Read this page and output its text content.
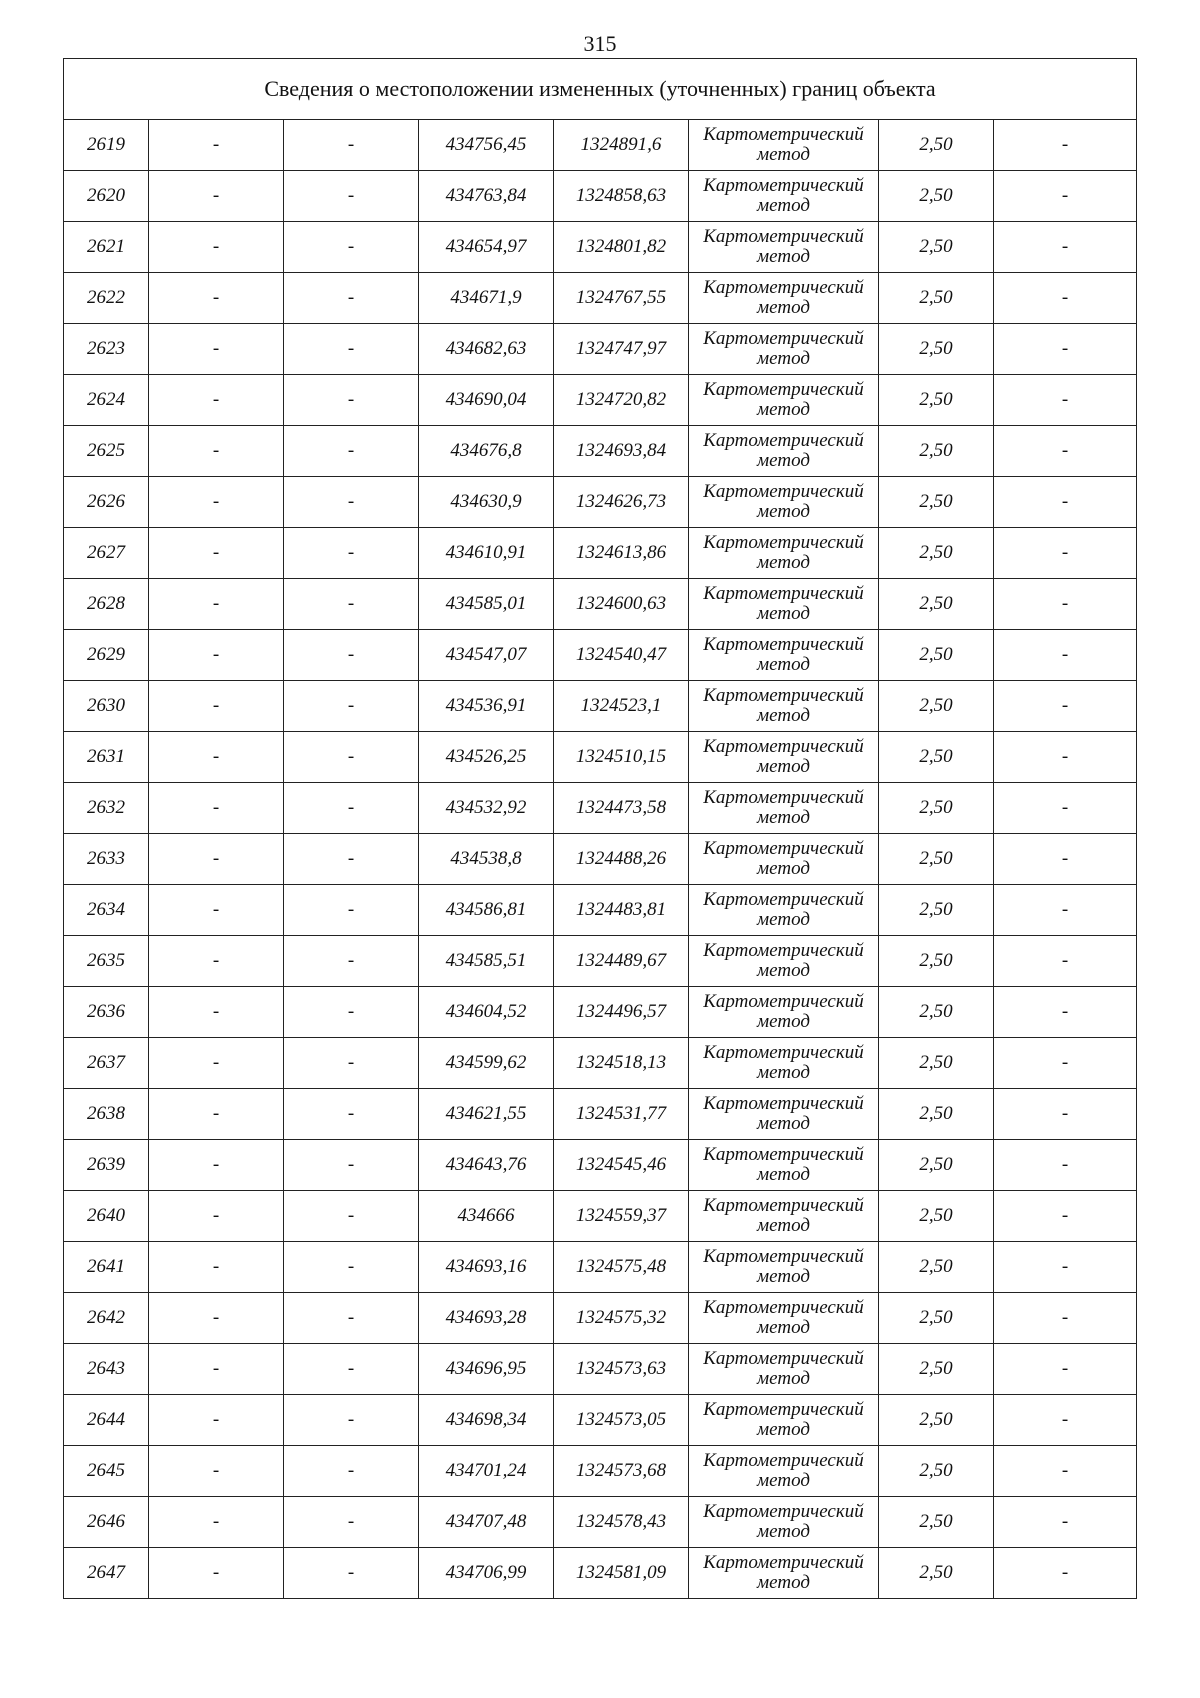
315
Сведения о местоположении измененных (уточненных) границ объекта							
2619	-	-	434756,45	1324891,6	Картометрический
метод	2,50	-
2620	-	-	434763,84	1324858,63	Картометрический
метод	2,50	-
2621	-	-	434654,97	1324801,82	Картометрический
метод	2,50	-
2622	-	-	434671,9	1324767,55	Картометрический
метод	2,50	-
2623	-	-	434682,63	1324747,97	Картометрический
метод	2,50	-
2624	-	-	434690,04	1324720,82	Картометрический
метод	2,50	-
2625	-	-	434676,8	1324693,84	Картометрический
метод	2,50	-
2626	-	-	434630,9	1324626,73	Картометрический
метод	2,50	-
2627	-	-	434610,91	1324613,86	Картометрический
метод	2,50	-
2628	-	-	434585,01	1324600,63	Картометрический
метод	2,50	-
2629	-	-	434547,07	1324540,47	Картометрический
метод	2,50	-
2630	-	-	434536,91	1324523,1	Картометрический
метод	2,50	-
2631	-	-	434526,25	1324510,15	Картометрический
метод	2,50	-
2632	-	-	434532,92	1324473,58	Картометрический
метод	2,50	-
2633	-	-	434538,8	1324488,26	Картометрический
метод	2,50	-
2634	-	-	434586,81	1324483,81	Картометрический
метод	2,50	-
2635	-	-	434585,51	1324489,67	Картометрический
метод	2,50	-
2636	-	-	434604,52	1324496,57	Картометрический
метод	2,50	-
2637	-	-	434599,62	1324518,13	Картометрический
метод	2,50	-
2638	-	-	434621,55	1324531,77	Картометрический
метод	2,50	-
2639	-	-	434643,76	1324545,46	Картометрический
метод	2,50	-
2640	-	-	434666	1324559,37	Картометрический
метод	2,50	-
2641	-	-	434693,16	1324575,48	Картометрический
метод	2,50	-
2642	-	-	434693,28	1324575,32	Картометрический
метод	2,50	-
2643	-	-	434696,95	1324573,63	Картометрический
метод	2,50	-
2644	-	-	434698,34	1324573,05	Картометрический
метод	2,50	-
2645	-	-	434701,24	1324573,68	Картометрический
метод	2,50	-
2646	-	-	434707,48	1324578,43	Картометрический
метод	2,50	-
2647	-	-	434706,99	1324581,09	Картометрический
метод	2,50	-
